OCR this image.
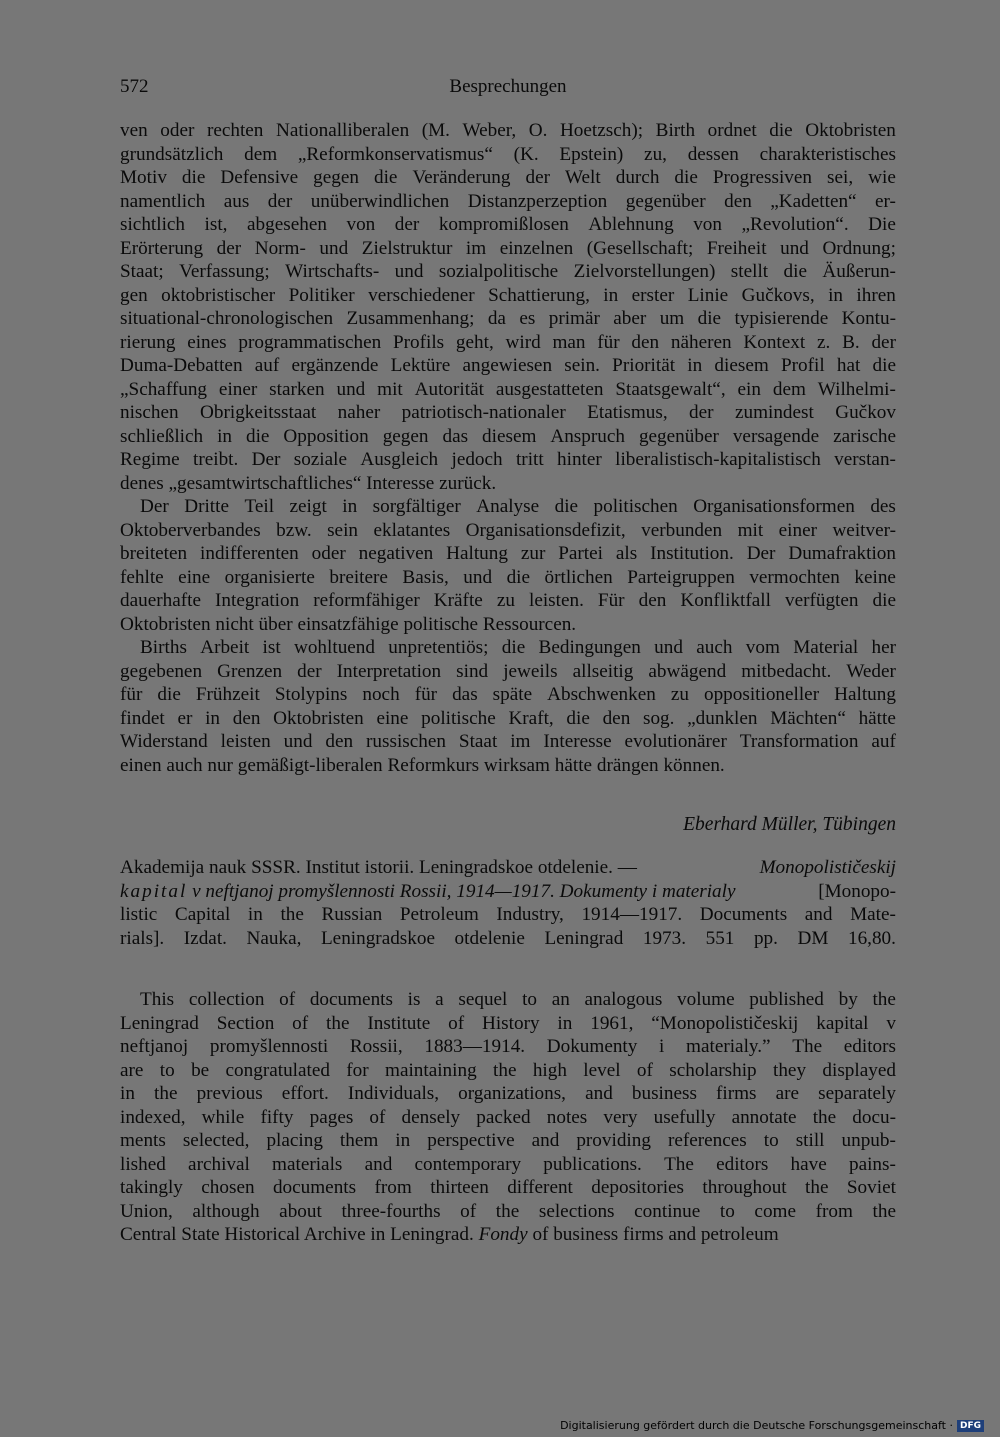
572	Besprechungen
ven oder rechten Nationalliberalen (M. Weber, O. Hoetzsch); Birth ordnet die Oktobristen
grundsätzlich dem „Reformkonservatismus“ (K. Epstein) zu, dessen charakteristisches
Motiv die Defensive gegen die Veränderung der Welt durch die Progressiven sei, wie
namentlich aus der unüberwindlichen Distanzperzeption gegenüber den „Kadetten“ er-
sichtlich ist, abgesehen von der kompromißlosen Ablehnung von „Revolution“. Die
Erörterung der Norm- und Zielstruktur im einzelnen (Gesellschaft; Freiheit und Ordnung;
Staat; Verfassung; Wirtschafts- und sozialpolitische Zielvorstellungen) stellt die Äußerun-
gen oktobristischer Politiker verschiedener Schattierung, in erster Linie Gučkovs, in ihren
situational-chronologischen Zusammenhang; da es primär aber um die typisierende Kontu-
rierung eines programmatischen Profils geht, wird man für den näheren Kontext z. B. der
Duma-Debatten auf ergänzende Lektüre angewiesen sein. Priorität in diesem Profil hat die
„Schaffung einer starken und mit Autorität ausgestatteten Staatsgewalt“, ein dem Wilhelmi-
nischen Obrigkeitsstaat naher patriotisch-nationaler Etatismus, der zumindest Gučkov
schließlich in die Opposition gegen das diesem Anspruch gegenüber versagende zarische
Regime treibt. Der soziale Ausgleich jedoch tritt hinter liberalistisch-kapitalistisch verstan-
denes „gesamtwirtschaftliches“ Interesse zurück.
Der Dritte Teil zeigt in sorgfältiger Analyse die politischen Organisationsformen des
Oktoberverbandes bzw. sein eklatantes Organisationsdefizit, verbunden mit einer weitver-
breiteten indifferenten oder negativen Haltung zur Partei als Institution. Der Dumafraktion
fehlte eine organisierte breitere Basis, und die örtlichen Parteigruppen vermochten keine
dauerhafte Integration reformfähiger Kräfte zu leisten. Für den Konfliktfall verfügten die
Oktobristen nicht über einsatzfähige politische Ressourcen.
Births Arbeit ist wohltuend unpretentiös; die Bedingungen und auch vom Material her
gegebenen Grenzen der Interpretation sind jeweils allseitig abwägend mitbedacht. Weder
für die Frühzeit Stolypins noch für das späte Abschwenken zu oppositioneller Haltung
findet er in den Oktobristen eine politische Kraft, die den sog. „dunklen Mächten“ hätte
Widerstand leisten und den russischen Staat im Interesse evolutionärer Transformation auf
einen auch nur gemäßigt-liberalen Reformkurs wirksam hätte drängen können.
Eberhard Müller, Tübingen
Akademija nauk SSSR. Institut istorii. Leningradskoe otdelenie. —	Monopolističeskij
kapital v neftjanoj promyšlennosti Rossii, 1914—1917. Dokumenty i materialy	[Monopo-
listic Capital in the Russian Petroleum Industry, 1914—1917. Documents and Mate-
rials]. Izdat. Nauka, Leningradskoe otdelenie Leningrad 1973. 551 pp. DM 16,80.
This collection of documents is a sequel to an analogous volume published by the
Leningrad Section of the Institute of History in 1961, “Monopolističeskij kapital v
neftjanoj promyšlennosti Rossii, 1883—1914. Dokumenty i materialy.” The editors
are to be congratulated for maintaining the high level of scholarship they displayed
in the previous effort. Individuals, organizations, and business firms are separately
indexed, while fifty pages of densely packed notes very usefully annotate the docu-
ments selected, placing them in perspective and providing references to still unpub-
lished archival materials and contemporary publications. The editors have pains-
takingly chosen documents from thirteen different depositories throughout the Soviet
Union, although about three-fourths of the selections continue to come from the
Central State Historical Archive in Leningrad. Fondy of business firms and petroleum
Digitalisierung gefördert durch die Deutsche Forschungsgemeinschaft · DFG
